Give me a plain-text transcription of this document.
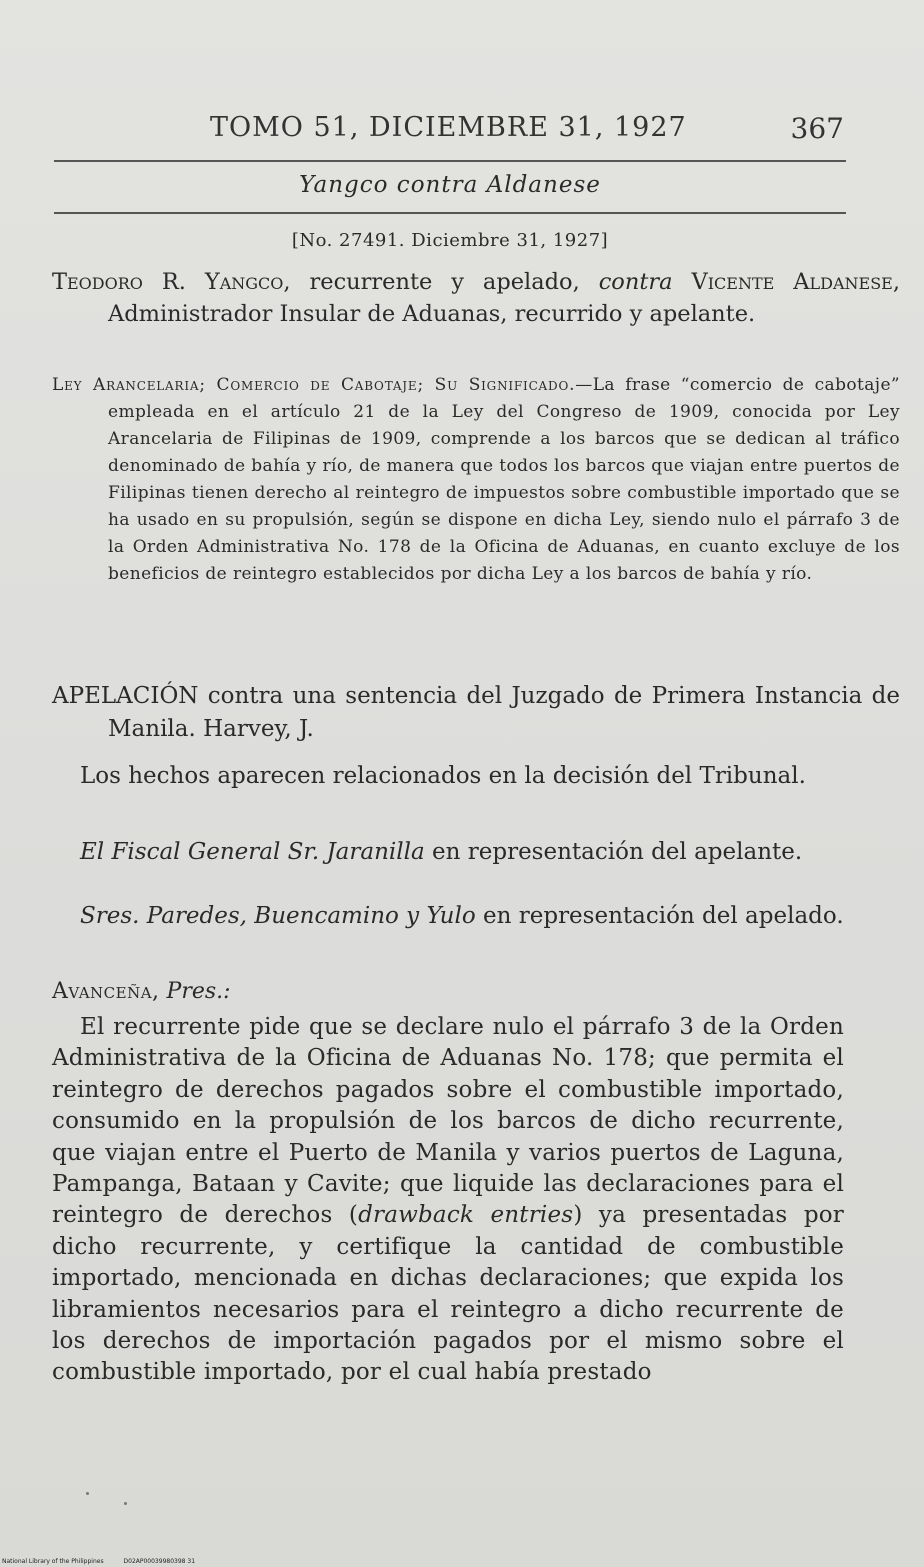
TOMO 51, DICIEMBRE 31, 1927	367
Yangco contra Aldanese
[No. 27491. Diciembre 31, 1927]
Teodoro R. Yangco, recurrente y apelado, contra Vicente Aldanese, Administrador Insular de Aduanas, recurrido y apelante.
Ley Arancelaria; Comercio de Cabotaje; Su Significado.—La frase “comercio de cabotaje” empleada en el artículo 21 de la Ley del Congreso de 1909, conocida por Ley Arancelaria de Filipinas de 1909, comprende a los barcos que se dedican al tráfico denominado de bahía y río, de manera que todos los barcos que viajan entre puertos de Filipinas tienen derecho al reintegro de impuestos sobre combustible importado que se ha usado en su propulsión, según se dispone en dicha Ley, siendo nulo el párrafo 3 de la Orden Administrativa No. 178 de la Oficina de Aduanas, en cuanto excluye de los beneficios de reintegro establecidos por dicha Ley a los barcos de bahía y río.
APELACIÓN contra una sentencia del Juzgado de Primera Instancia de Manila. Harvey, J.
Los hechos aparecen relacionados en la decisión del Tribunal.
El Fiscal General Sr. Jaranilla en representación del apelante.
Sres. Paredes, Buencamino y Yulo en representación del apelado.
Avanceña, Pres.:
El recurrente pide que se declare nulo el párrafo 3 de la Orden Administrativa de la Oficina de Aduanas No. 178; que permita el reintegro de derechos pagados sobre el combustible importado, consumido en la propulsión de los barcos de dicho recurrente, que viajan entre el Puerto de Manila y varios puertos de Laguna, Pampanga, Bataan y Cavite; que liquide las declaraciones para el reintegro de derechos (drawback entries) ya presentadas por dicho recurrente, y certifique la cantidad de combustible importado, mencionada en dichas declaraciones; que expida los libramientos necesarios para el reintegro a dicho recurrente de los derechos de importación pagados por el mismo sobre el combustible importado, por el cual había prestado
National Library of the Philippines	D02AP00039980398 31
